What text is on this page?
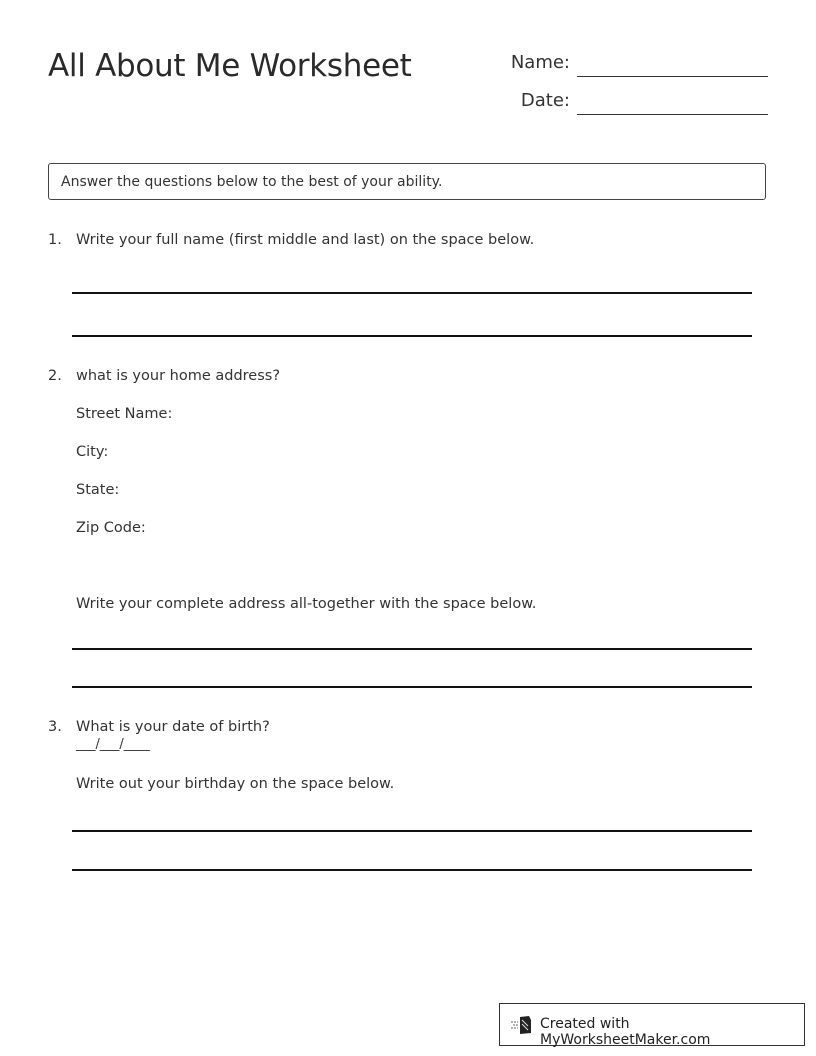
All About Me Worksheet	Name:
Date:
Answer the questions below to the best of your ability.
1. Write your full name (first middle and last) on the space below.
2. what is your home address?
Street Name:
City:
State:
Zip Code:
Write your complete address all-together with the space below.
3. What is your date of birth?
___/___/____
Write out your birthday on the space below.
Created with MyWorksheetMaker.com
